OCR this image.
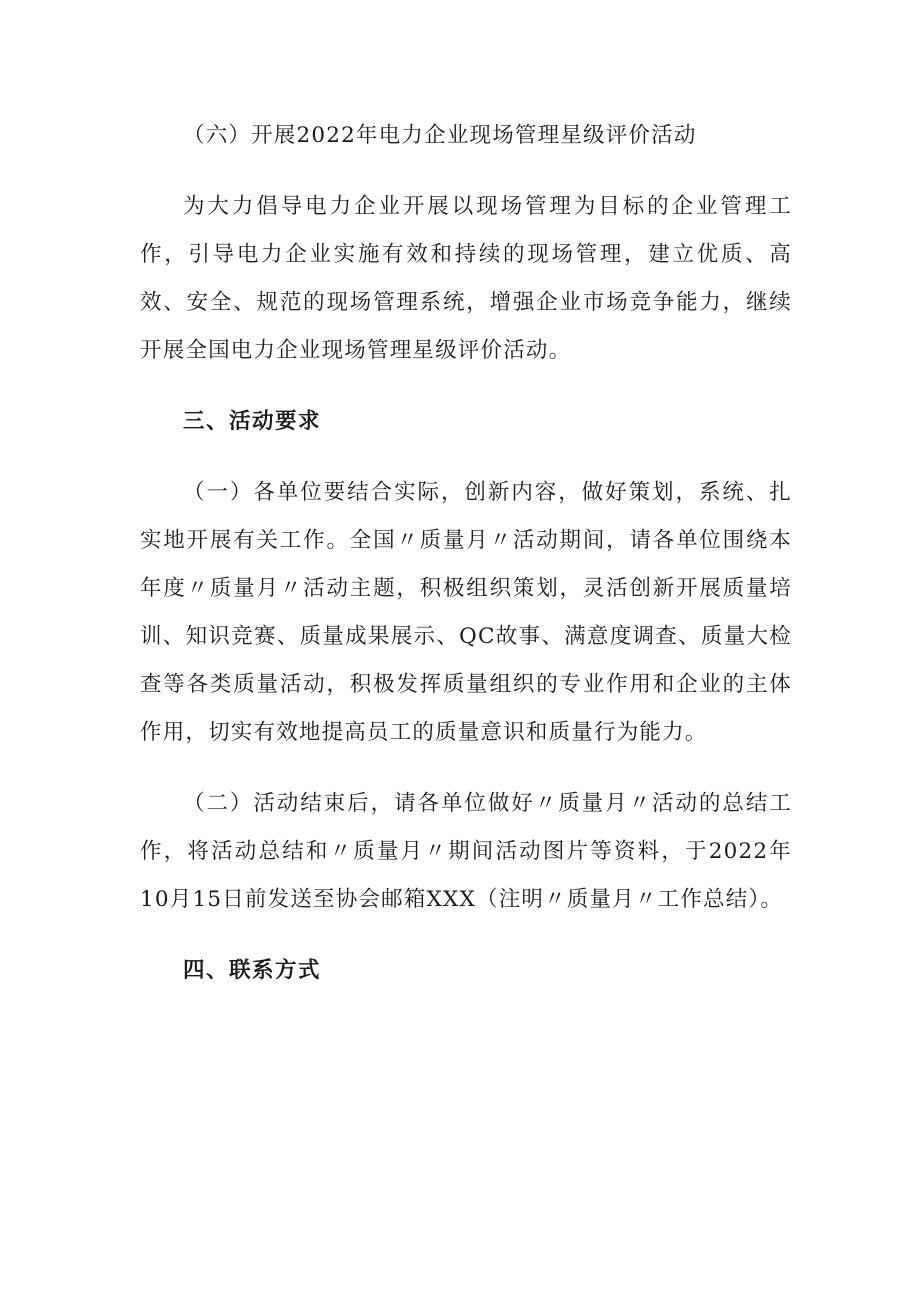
（六）开展2022年电力企业现场管理星级评价活动

为大力倡导电力企业开展以现场管理为目标的企业管理工作，引导电力企业实施有效和持续的现场管理，建立优质、高效、安全、规范的现场管理系统，增强企业市场竞争能力，继续开展全国电力企业现场管理星级评价活动。

三、活动要求

（一）各单位要结合实际，创新内容，做好策划，系统、扎实地开展有关工作。全国〃质量月〃活动期间，请各单位围绕本年度〃质量月〃活动主题，积极组织策划，灵活创新开展质量培训、知识竞赛、质量成果展示、QC故事、满意度调查、质量大检查等各类质量活动，积极发挥质量组织的专业作用和企业的主体作用，切实有效地提高员工的质量意识和质量行为能力。

（二）活动结束后，请各单位做好〃质量月〃活动的总结工作，将活动总结和〃质量月〃期间活动图片等资料，于2022年10月15日前发送至协会邮箱XXX（注明〃质量月〃工作总结）。

四、联系方式
